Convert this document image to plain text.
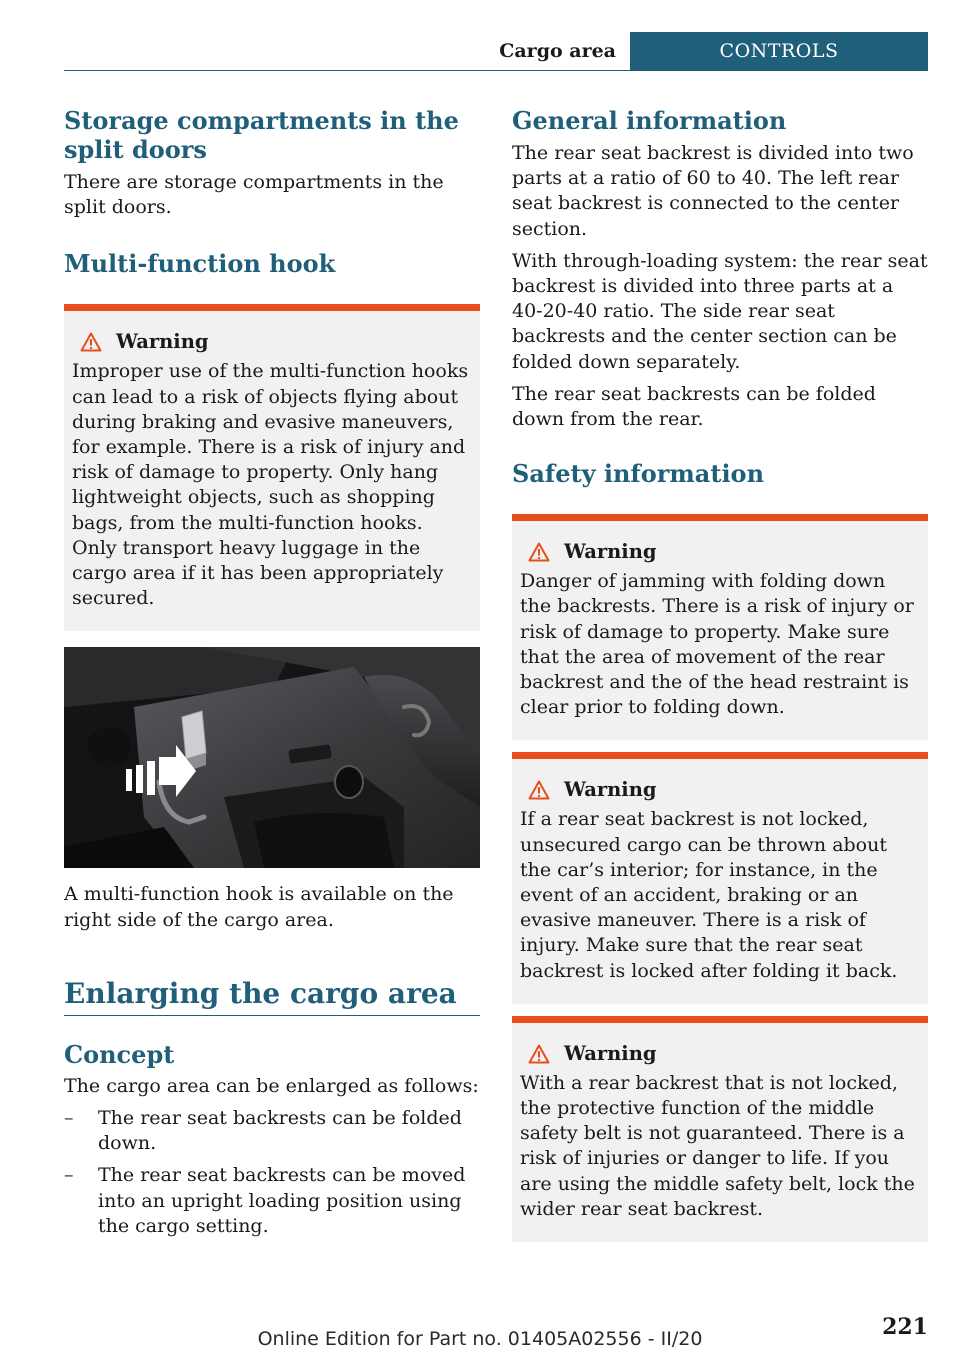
Cargo area	CONTROLS
Storage compartments in the split doors

There are storage compartments in the split doors.

Multi-function hook
Warning

Improper use of the multi-function hooks can lead to a risk of objects flying about during braking and evasive maneuvers, for example. There is a risk of injury and risk of damage to property. Only hang lightweight objects, such as shopping bags, from the multi-function hooks. Only transport heavy luggage in the cargo area if it has been appropriately secured.

A multi-function hook is available on the right side of the cargo area.

Enlarging the cargo area
Concept

The cargo area can be enlarged as follows:

– The rear seat backrests can be folded down.
– The rear seat backrests can be moved into an upright loading position using the cargo setting.
General information

The rear seat backrest is divided into two parts at a ratio of 60 to 40. The left rear seat backrest is connected to the center section.

With through-loading system: the rear seat backrest is divided into three parts at a 40-20-40 ratio. The side rear seat backrests and the center section can be folded down separately.

The rear seat backrests can be folded down from the rear.

Safety information
Warning

Danger of jamming with folding down the backrests. There is a risk of injury or risk of damage to property. Make sure that the area of movement of the rear backrest and the of the head restraint is clear prior to folding down.

Warning

If a rear seat backrest is not locked, unsecured cargo can be thrown about the car’s interior; for instance, in the event of an accident, braking or an evasive maneuver. There is a risk of injury. Make sure that the rear seat backrest is locked after folding it back.

Warning

With a rear backrest that is not locked, the protective function of the middle safety belt is not guaranteed. There is a risk of injuries or danger to life. If you are using the middle safety belt, lock the wider rear seat backrest.

221
Online Edition for Part no. 01405A02556 - II/20
